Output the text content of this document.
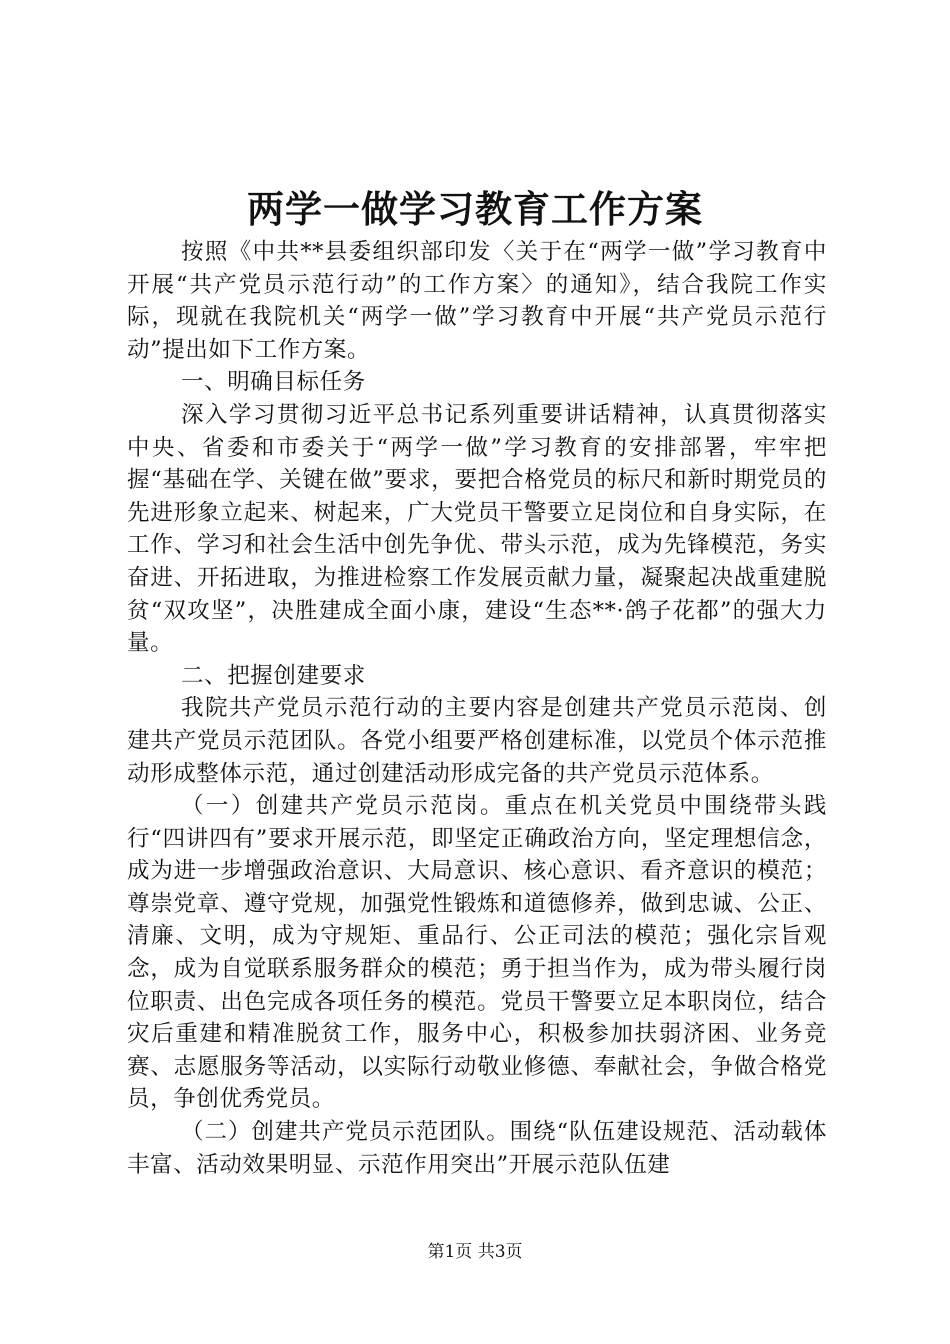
两学一做学习教育工作方案

按照《中共**县委组织部印发〈关于在“两学一做”学习教育中开展“共产党员示范行动”的工作方案〉的通知》，结合我院工作实际，现就在我院机关“两学一做”学习教育中开展“共产党员示范行动”提出如下工作方案。

一、明确目标任务

深入学习贯彻习近平总书记系列重要讲话精神，认真贯彻落实中央、省委和市委关于“两学一做”学习教育的安排部署，牢牢把握“基础在学、关键在做”要求，要把合格党员的标尺和新时期党员的先进形象立起来、树起来，广大党员干警要立足岗位和自身实际，在工作、学习和社会生活中创先争优、带头示范，成为先锋模范，务实奋进、开拓进取，为推进检察工作发展贡献力量，凝聚起决战重建脱贫“双攻坚”，决胜建成全面小康，建设“生态**·鸽子花都”的强大力量。

二、把握创建要求

我院共产党员示范行动的主要内容是创建共产党员示范岗、创建共产党员示范团队。各党小组要严格创建标准，以党员个体示范推动形成整体示范，通过创建活动形成完备的共产党员示范体系。

（一）创建共产党员示范岗。重点在机关党员中围绕带头践行“四讲四有”要求开展示范，即坚定正确政治方向，坚定理想信念，成为进一步增强政治意识、大局意识、核心意识、看齐意识的模范；尊崇党章、遵守党规，加强党性锻炼和道德修养，做到忠诚、公正、清廉、文明，成为守规矩、重品行、公正司法的模范；强化宗旨观念，成为自觉联系服务群众的模范；勇于担当作为，成为带头履行岗位职责、出色完成各项任务的模范。党员干警要立足本职岗位，结合灾后重建和精准脱贫工作，服务中心，积极参加扶弱济困、业务竞赛、志愿服务等活动，以实际行动敬业修德、奉献社会，争做合格党员，争创优秀党员。

（二）创建共产党员示范团队。围绕“队伍建设规范、活动载体丰富、活动效果明显、示范作用突出”开展示范队伍建

第1页 共3页
